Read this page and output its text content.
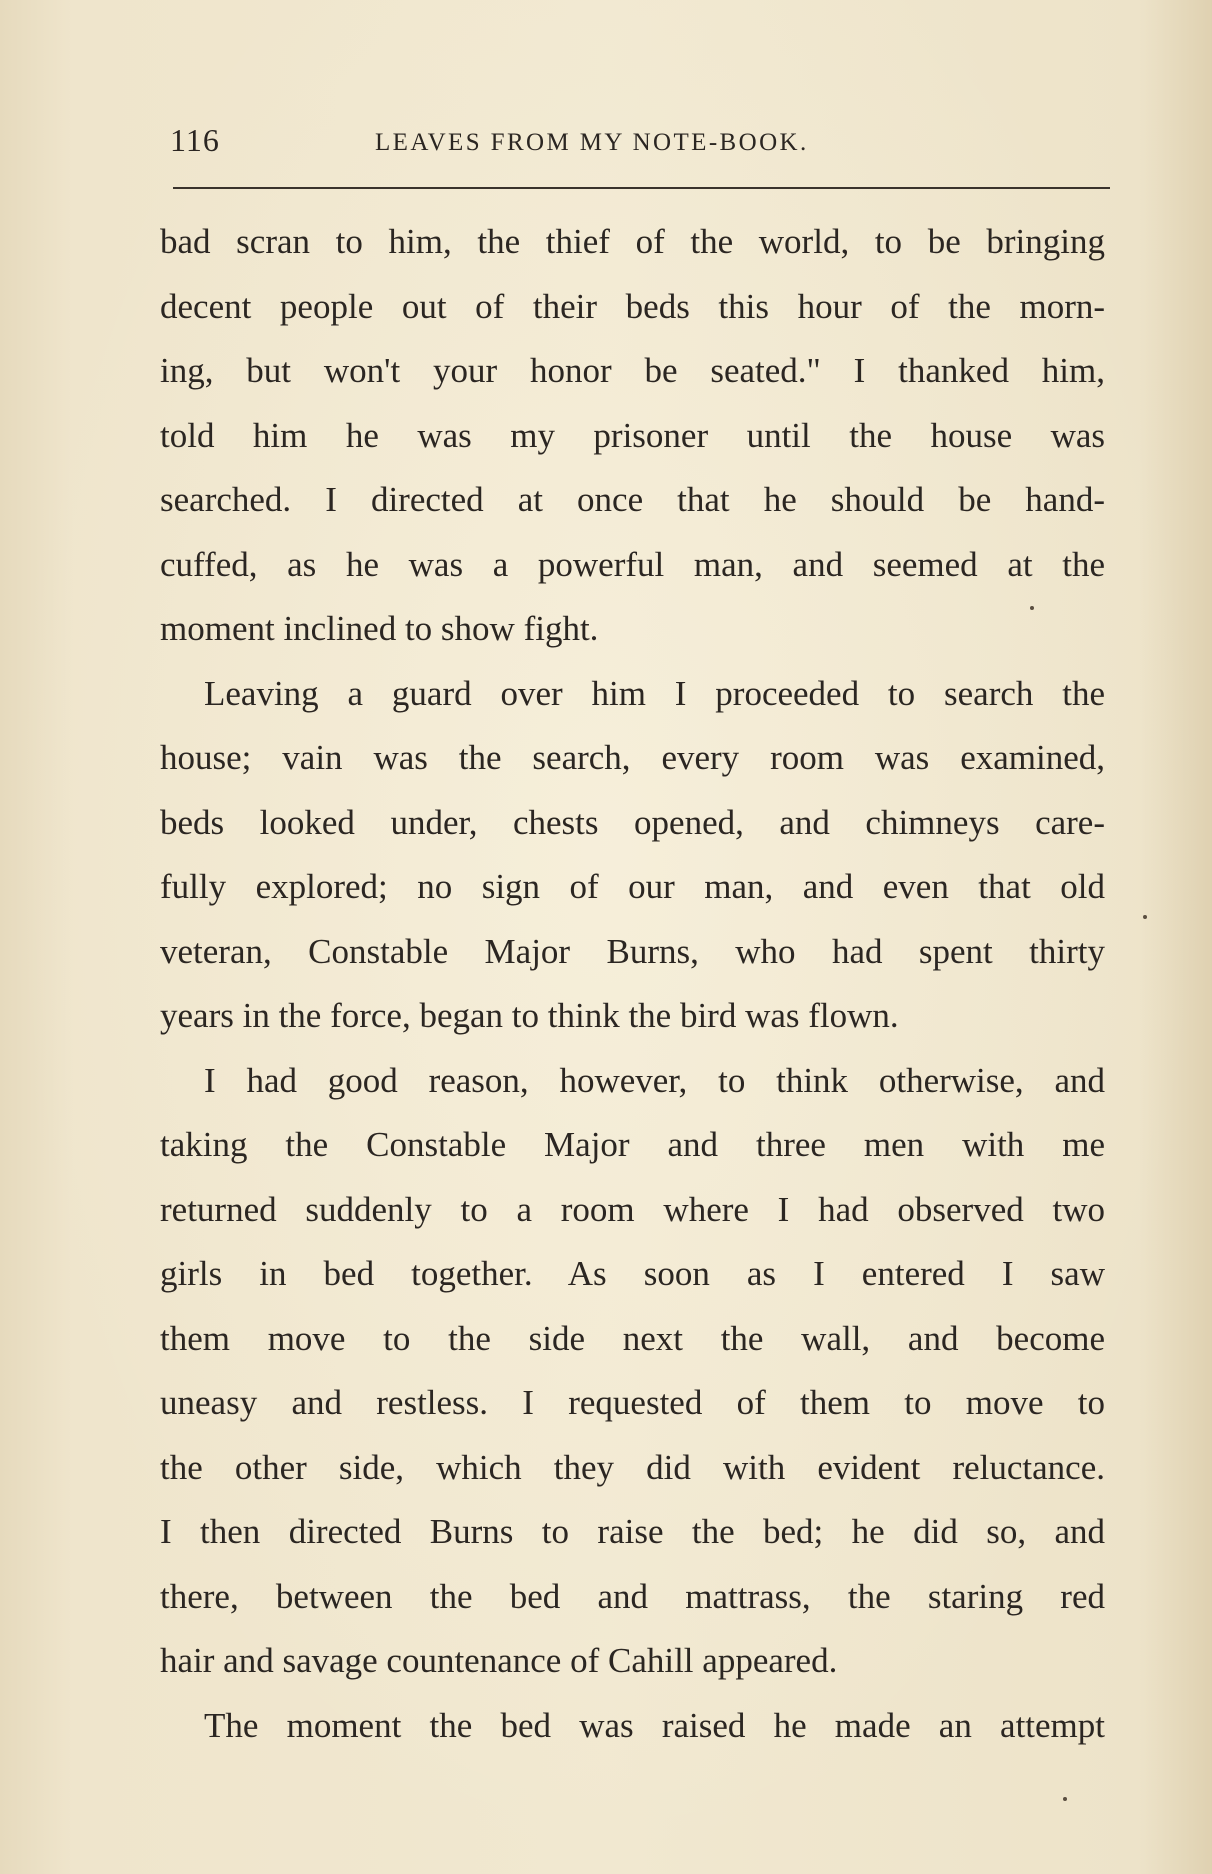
116	LEAVES FROM MY NOTE-BOOK.
bad scran to him, the thief of the world, to be bringing
decent people out of their beds this hour of the morn-
ing, but won't your honor be seated." I thanked him,
told him he was my prisoner until the house was
searched. I directed at once that he should be hand-
cuffed, as he was a powerful man, and seemed at the
moment inclined to show fight.
Leaving a guard over him I proceeded to search the
house; vain was the search, every room was examined,
beds looked under, chests opened, and chimneys care-
fully explored; no sign of our man, and even that old
veteran, Constable Major Burns, who had spent thirty
years in the force, began to think the bird was flown.
I had good reason, however, to think otherwise, and
taking the Constable Major and three men with me
returned suddenly to a room where I had observed two
girls in bed together. As soon as I entered I saw
them move to the side next the wall, and become
uneasy and restless. I requested of them to move to
the other side, which they did with evident reluctance.
I then directed Burns to raise the bed; he did so, and
there, between the bed and mattrass, the staring red
hair and savage countenance of Cahill appeared.
The moment the bed was raised he made an attempt
